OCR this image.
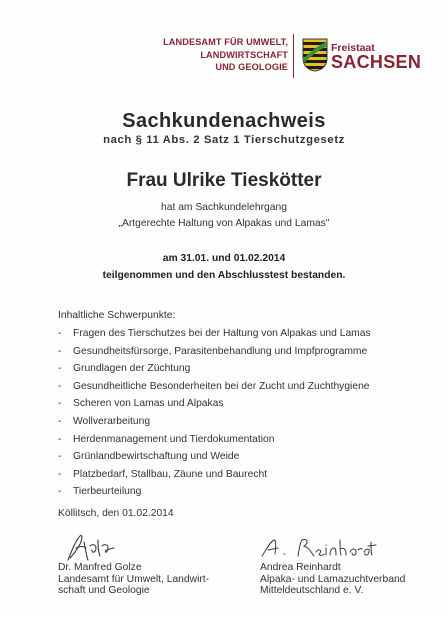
LANDESAMT FÜR UMWELT,
LANDWIRTSCHAFT
UND GEOLOGIE
Freistaat
SACHSEN
Sachkundenachweis
nach § 11 Abs. 2 Satz 1 Tierschutzgesetz
Frau Ulrike Tieskötter
hat am Sachkundelehrgang
„Artgerechte Haltung von Alpakas und Lamas"
am 31.01. und 01.02.2014
teilgenommen und den Abschlusstest bestanden.
Inhaltliche Schwerpunkte:
-	Fragen des Tierschutzes bei der Haltung von Alpakas und Lamas
-	Gesundheitsfürsorge, Parasitenbehandlung und Impfprogramme
-	Grundlagen der Züchtung
-	Gesundheitliche Besonderheiten bei der Zucht und Zuchthygiene
-	Scheren von Lamas und Alpakas
-	Wollverarbeitung
-	Herdenmanagement und Tierdokumentation
-	Grünlandbewirtschaftung und Weide
-	Platzbedarf, Stallbau, Zäune und Baurecht
-	Tierbeurteilung
Köllitsch, den 01.02.2014
Dr. Manfred Golze
Landesamt für Umwelt, Landwirt-
schaft und Geologie
Andrea Reinhardt
Alpaka- und Lamazuchtverband
Mitteldeutschland e. V.
